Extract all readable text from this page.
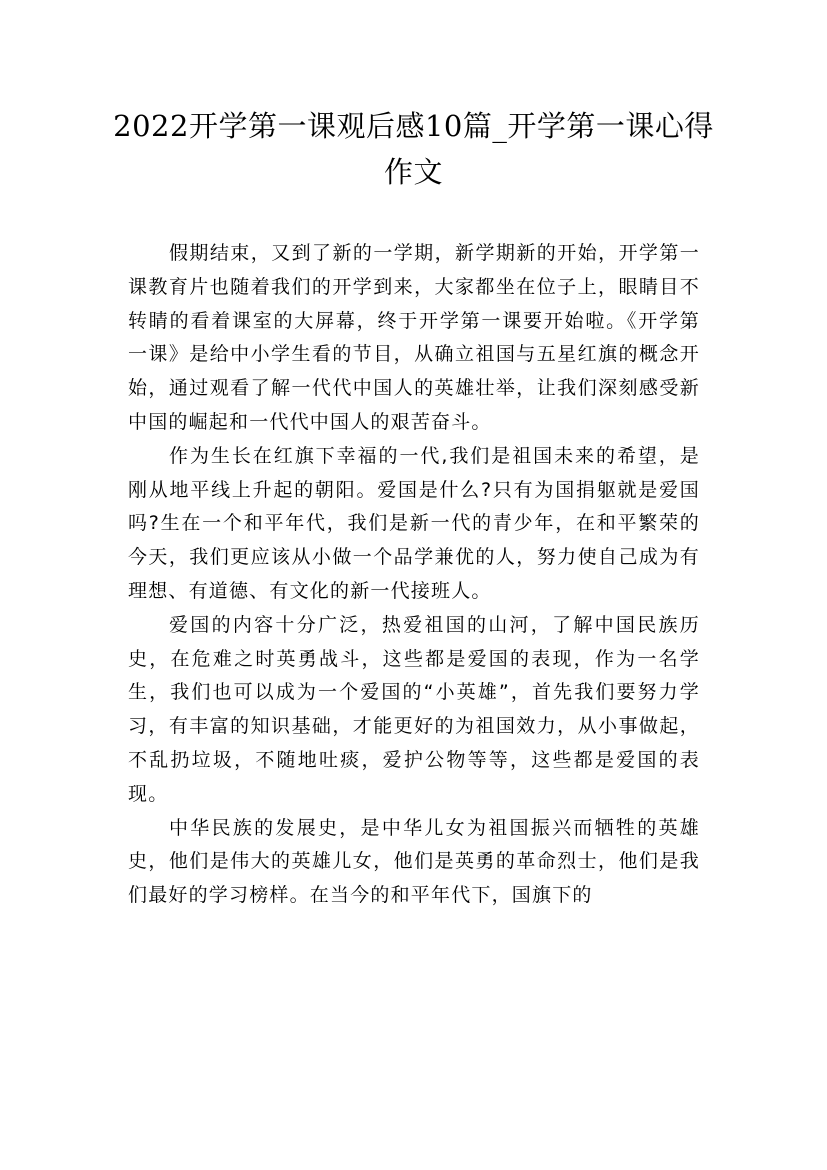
2022开学第一课观后感10篇_开学第一课心得作文

假期结束，又到了新的一学期，新学期新的开始，开学第一课教育片也随着我们的开学到来，大家都坐在位子上，眼睛目不转睛的看着课室的大屏幕，终于开学第一课要开始啦。《开学第一课》是给中小学生看的节目，从确立祖国与五星红旗的概念开始，通过观看了解一代代中国人的英雄壮举，让我们深刻感受新中国的崛起和一代代中国人的艰苦奋斗。

作为生长在红旗下幸福的一代,我们是祖国未来的希望，是刚从地平线上升起的朝阳。爱国是什么?只有为国捐躯就是爱国吗?生在一个和平年代，我们是新一代的青少年，在和平繁荣的今天，我们更应该从小做一个品学兼优的人，努力使自己成为有理想、有道德、有文化的新一代接班人。

爱国的内容十分广泛，热爱祖国的山河，了解中国民族历史，在危难之时英勇战斗，这些都是爱国的表现，作为一名学生，我们也可以成为一个爱国的“小英雄”，首先我们要努力学习，有丰富的知识基础，才能更好的为祖国效力，从小事做起，不乱扔垃圾，不随地吐痰，爱护公物等等，这些都是爱国的表现。

中华民族的发展史，是中华儿女为祖国振兴而牺牲的英雄史，他们是伟大的英雄儿女，他们是英勇的革命烈士，他们是我们最好的学习榜样。在当今的和平年代下，国旗下的
